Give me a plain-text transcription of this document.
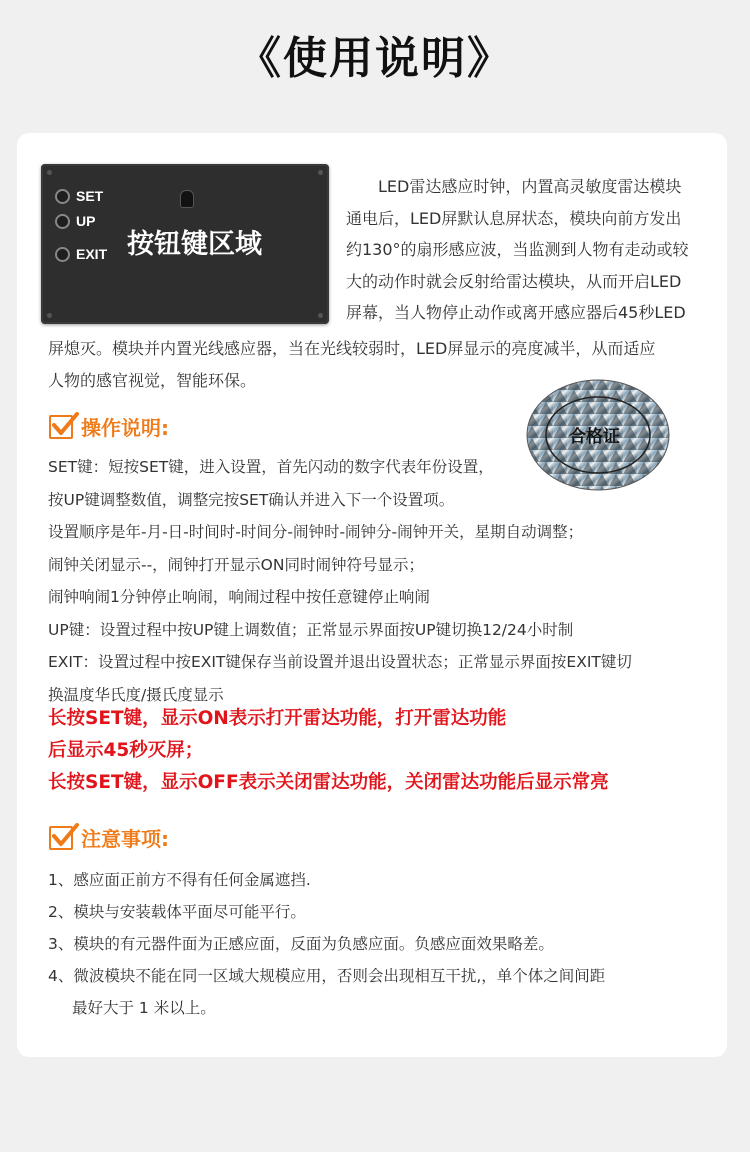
《使用说明》
SET
UP
EXIT 按钮键区域
LED雷达感应时钟，内置高灵敏度雷达模块
通电后，LED屏默认息屏状态，模块向前方发出
约130°的扇形感应波，当监测到人物有走动或较
大的动作时就会反射给雷达模块，从而开启LED
屏幕，当人物停止动作或离开感应器后45秒LED
屏熄灭。模块并内置光线感应器，当在光线较弱时，LED屏显示的亮度减半，从而适应
人物的感官视觉，智能环保。
操作说明:	合格证
SET键：短按SET键，进入设置，首先闪动的数字代表年份设置，
按UP键调整数值，调整完按SET确认并进入下一个设置项。
设置顺序是年-月-日-时间时-时间分-闹钟时-闹钟分-闹钟开关，星期自动调整；
闹钟关闭显示--，闹钟打开显示ON同时闹钟符号显示；
闹钟响闹1分钟停止响闹，响闹过程中按任意键停止响闹
UP键：设置过程中按UP键上调数值；正常显示界面按UP键切换12/24小时制
EXIT：设置过程中按EXIT键保存当前设置并退出设置状态；正常显示界面按EXIT键切
换温度华氏度/摄氏度显示
长按SET键，显示ON表示打开雷达功能，打开雷达功能
后显示45秒灭屏；
长按SET键，显示OFF表示关闭雷达功能，关闭雷达功能后显示常亮
注意事项:
1、感应面正前方不得有任何金属遮挡.
2、模块与安装载体平面尽可能平行。
3、模块的有元器件面为正感应面，反面为负感应面。负感应面效果略差。
4、微波模块不能在同一区域大规模应用，否则会出现相互干扰,，单个体之间间距
最好大于 1 米以上。
